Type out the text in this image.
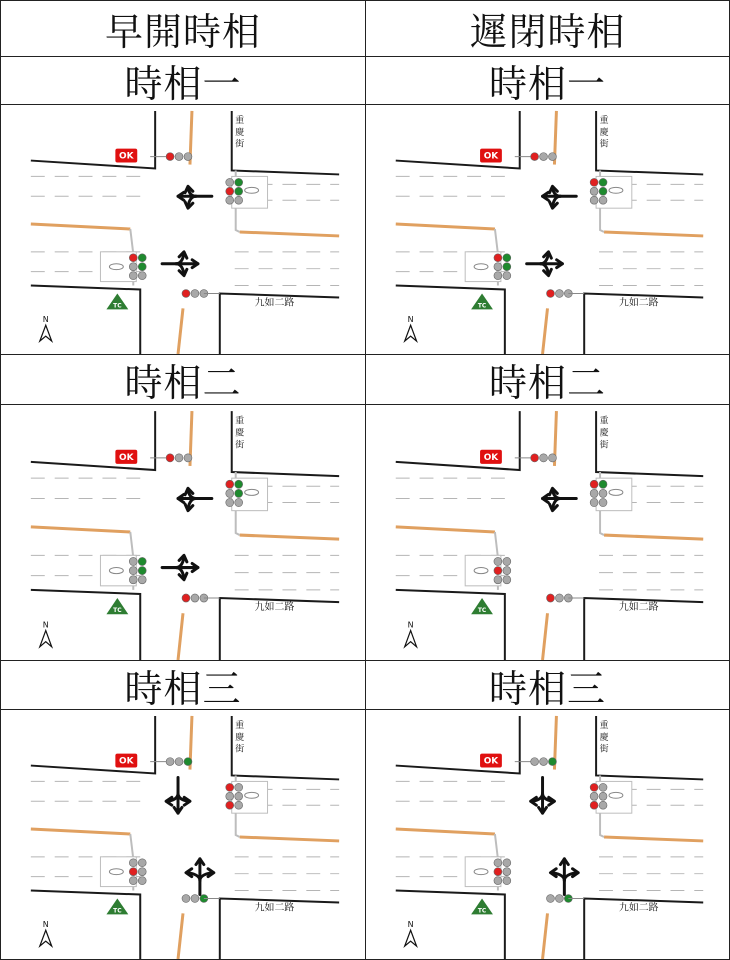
早開時相	遲閉時相
時相一	時相一
OK
TC
N
重
慶
街
九如二路
OK
TC
N
重
慶
街
九如二路
時相二	時相二
OK
TC
N
重
慶
街
九如二路
OK
TC
N
重
慶
街
九如二路
時相三	時相三
OK
TC
N
重
慶
街
九如二路
OK
TC
N
重
慶
街
九如二路
